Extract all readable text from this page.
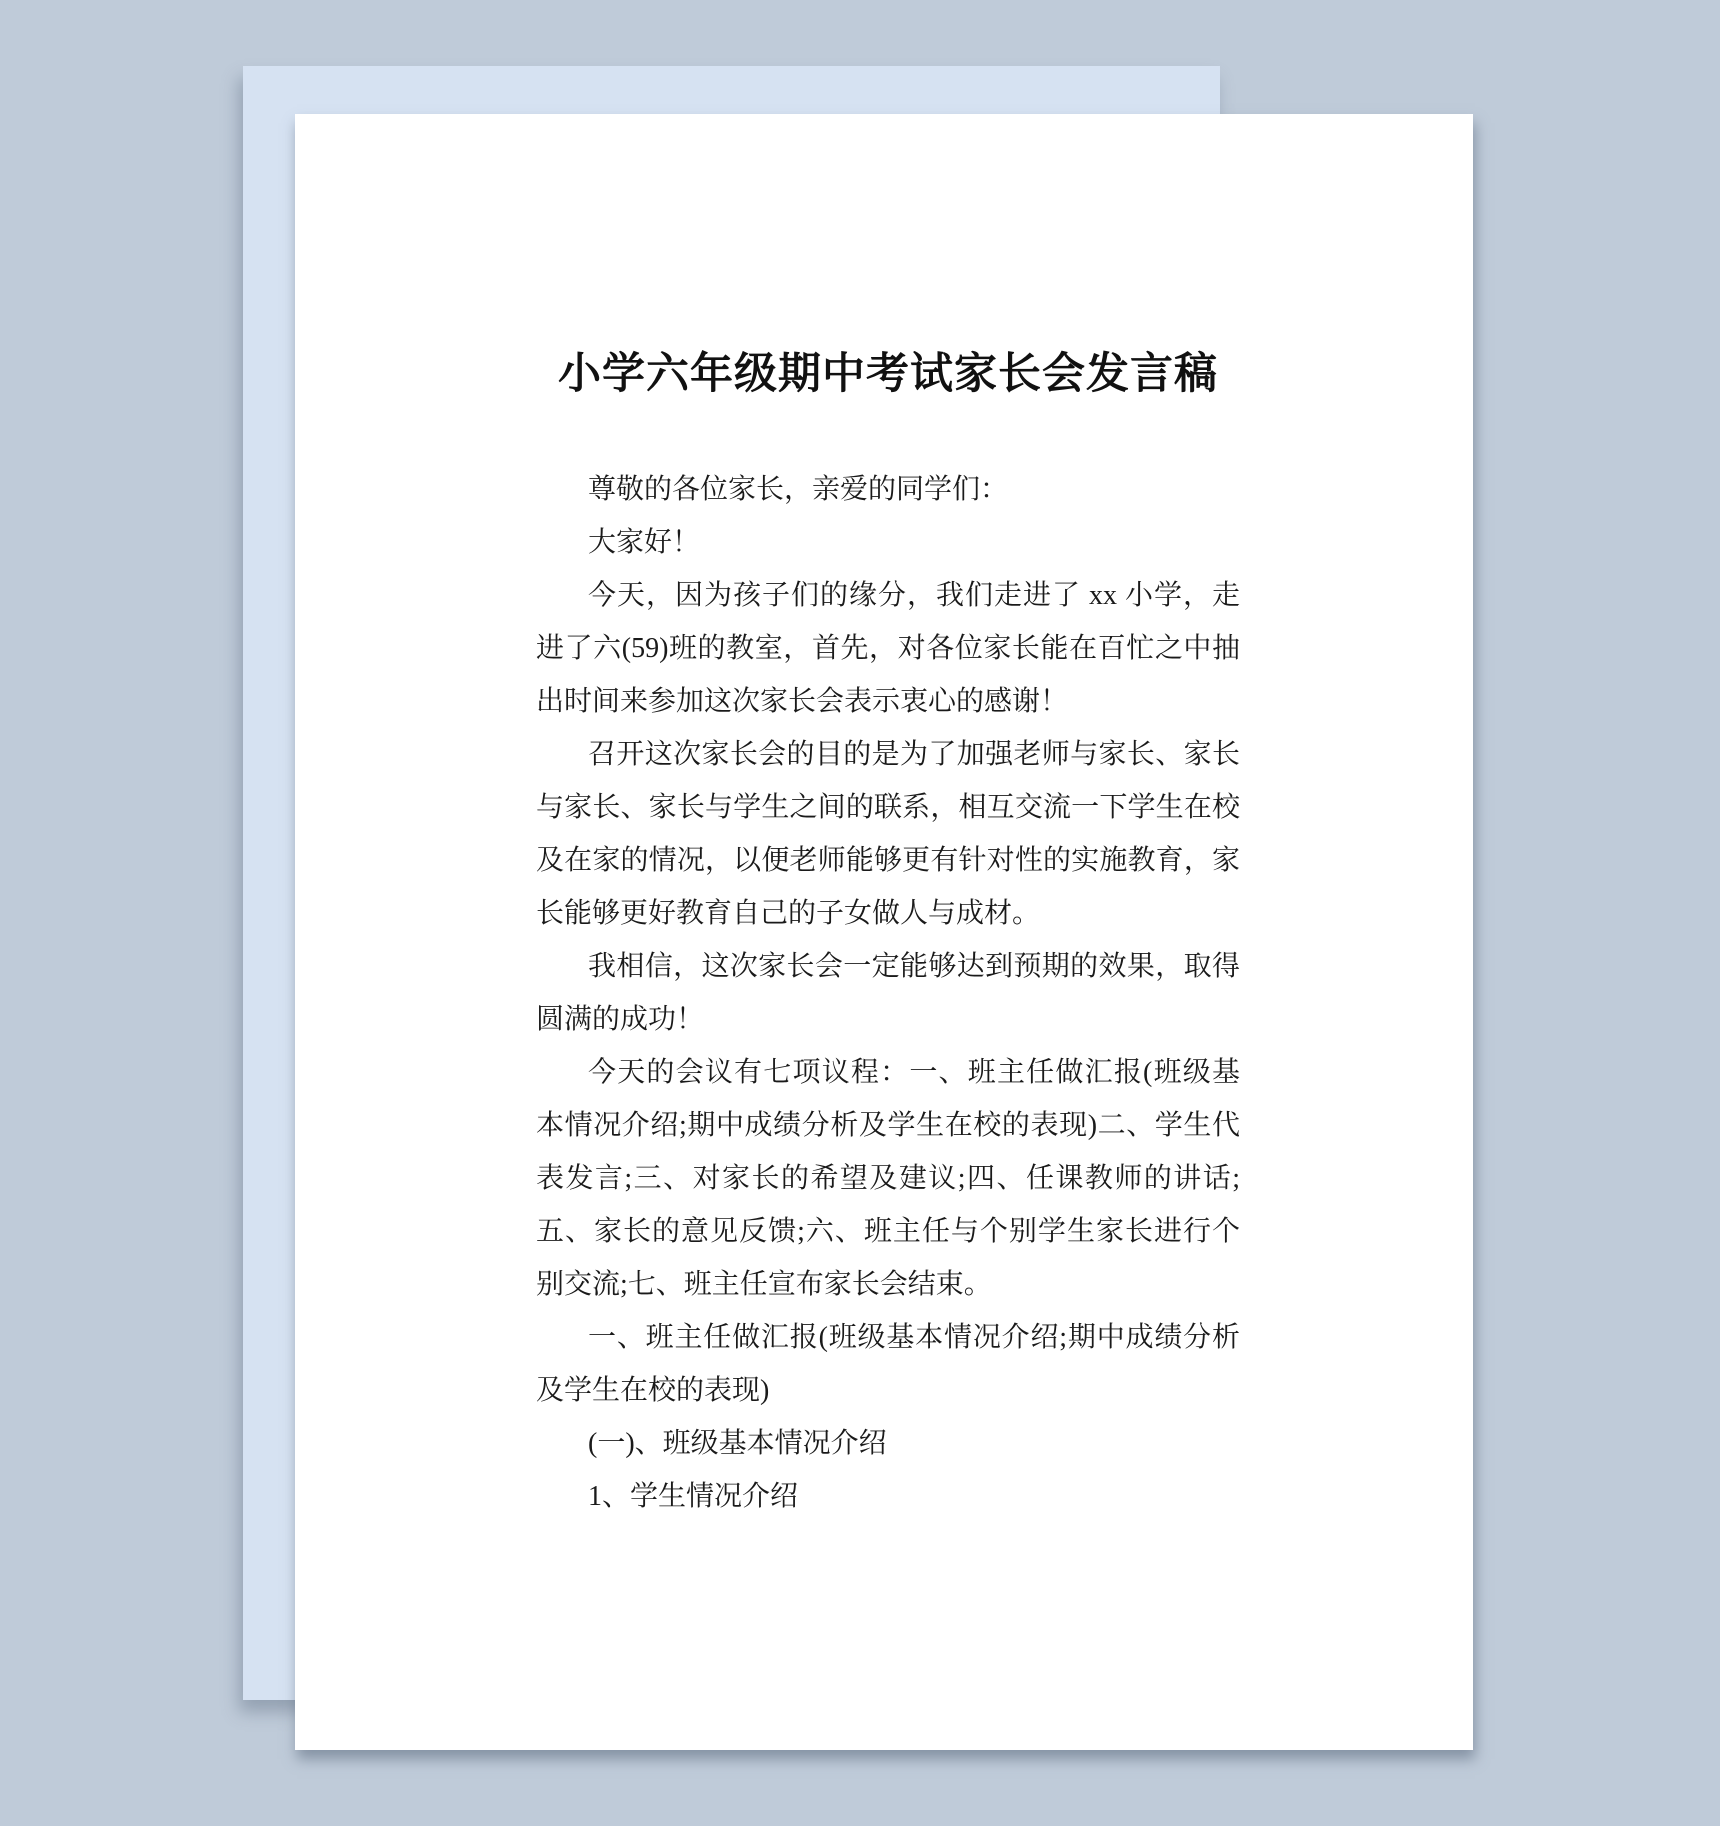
小学六年级期中考试家长会发言稿

尊敬的各位家长，亲爱的同学们：

大家好！

今天，因为孩子们的缘分，我们走进了 xx 小学，走进了六(59)班的教室，首先，对各位家长能在百忙之中抽出时间来参加这次家长会表示衷心的感谢！

召开这次家长会的目的是为了加强老师与家长、家长与家长、家长与学生之间的联系，相互交流一下学生在校及在家的情况，以便老师能够更有针对性的实施教育，家长能够更好教育自己的子女做人与成材。

我相信，这次家长会一定能够达到预期的效果，取得圆满的成功！

今天的会议有七项议程：一、班主任做汇报(班级基本情况介绍;期中成绩分析及学生在校的表现)二、学生代表发言;三、对家长的希望及建议;四、任课教师的讲话;五、家长的意见反馈;六、班主任与个别学生家长进行个别交流;七、班主任宣布家长会结束。

一、班主任做汇报(班级基本情况介绍;期中成绩分析及学生在校的表现)

(一)、班级基本情况介绍

1、学生情况介绍
